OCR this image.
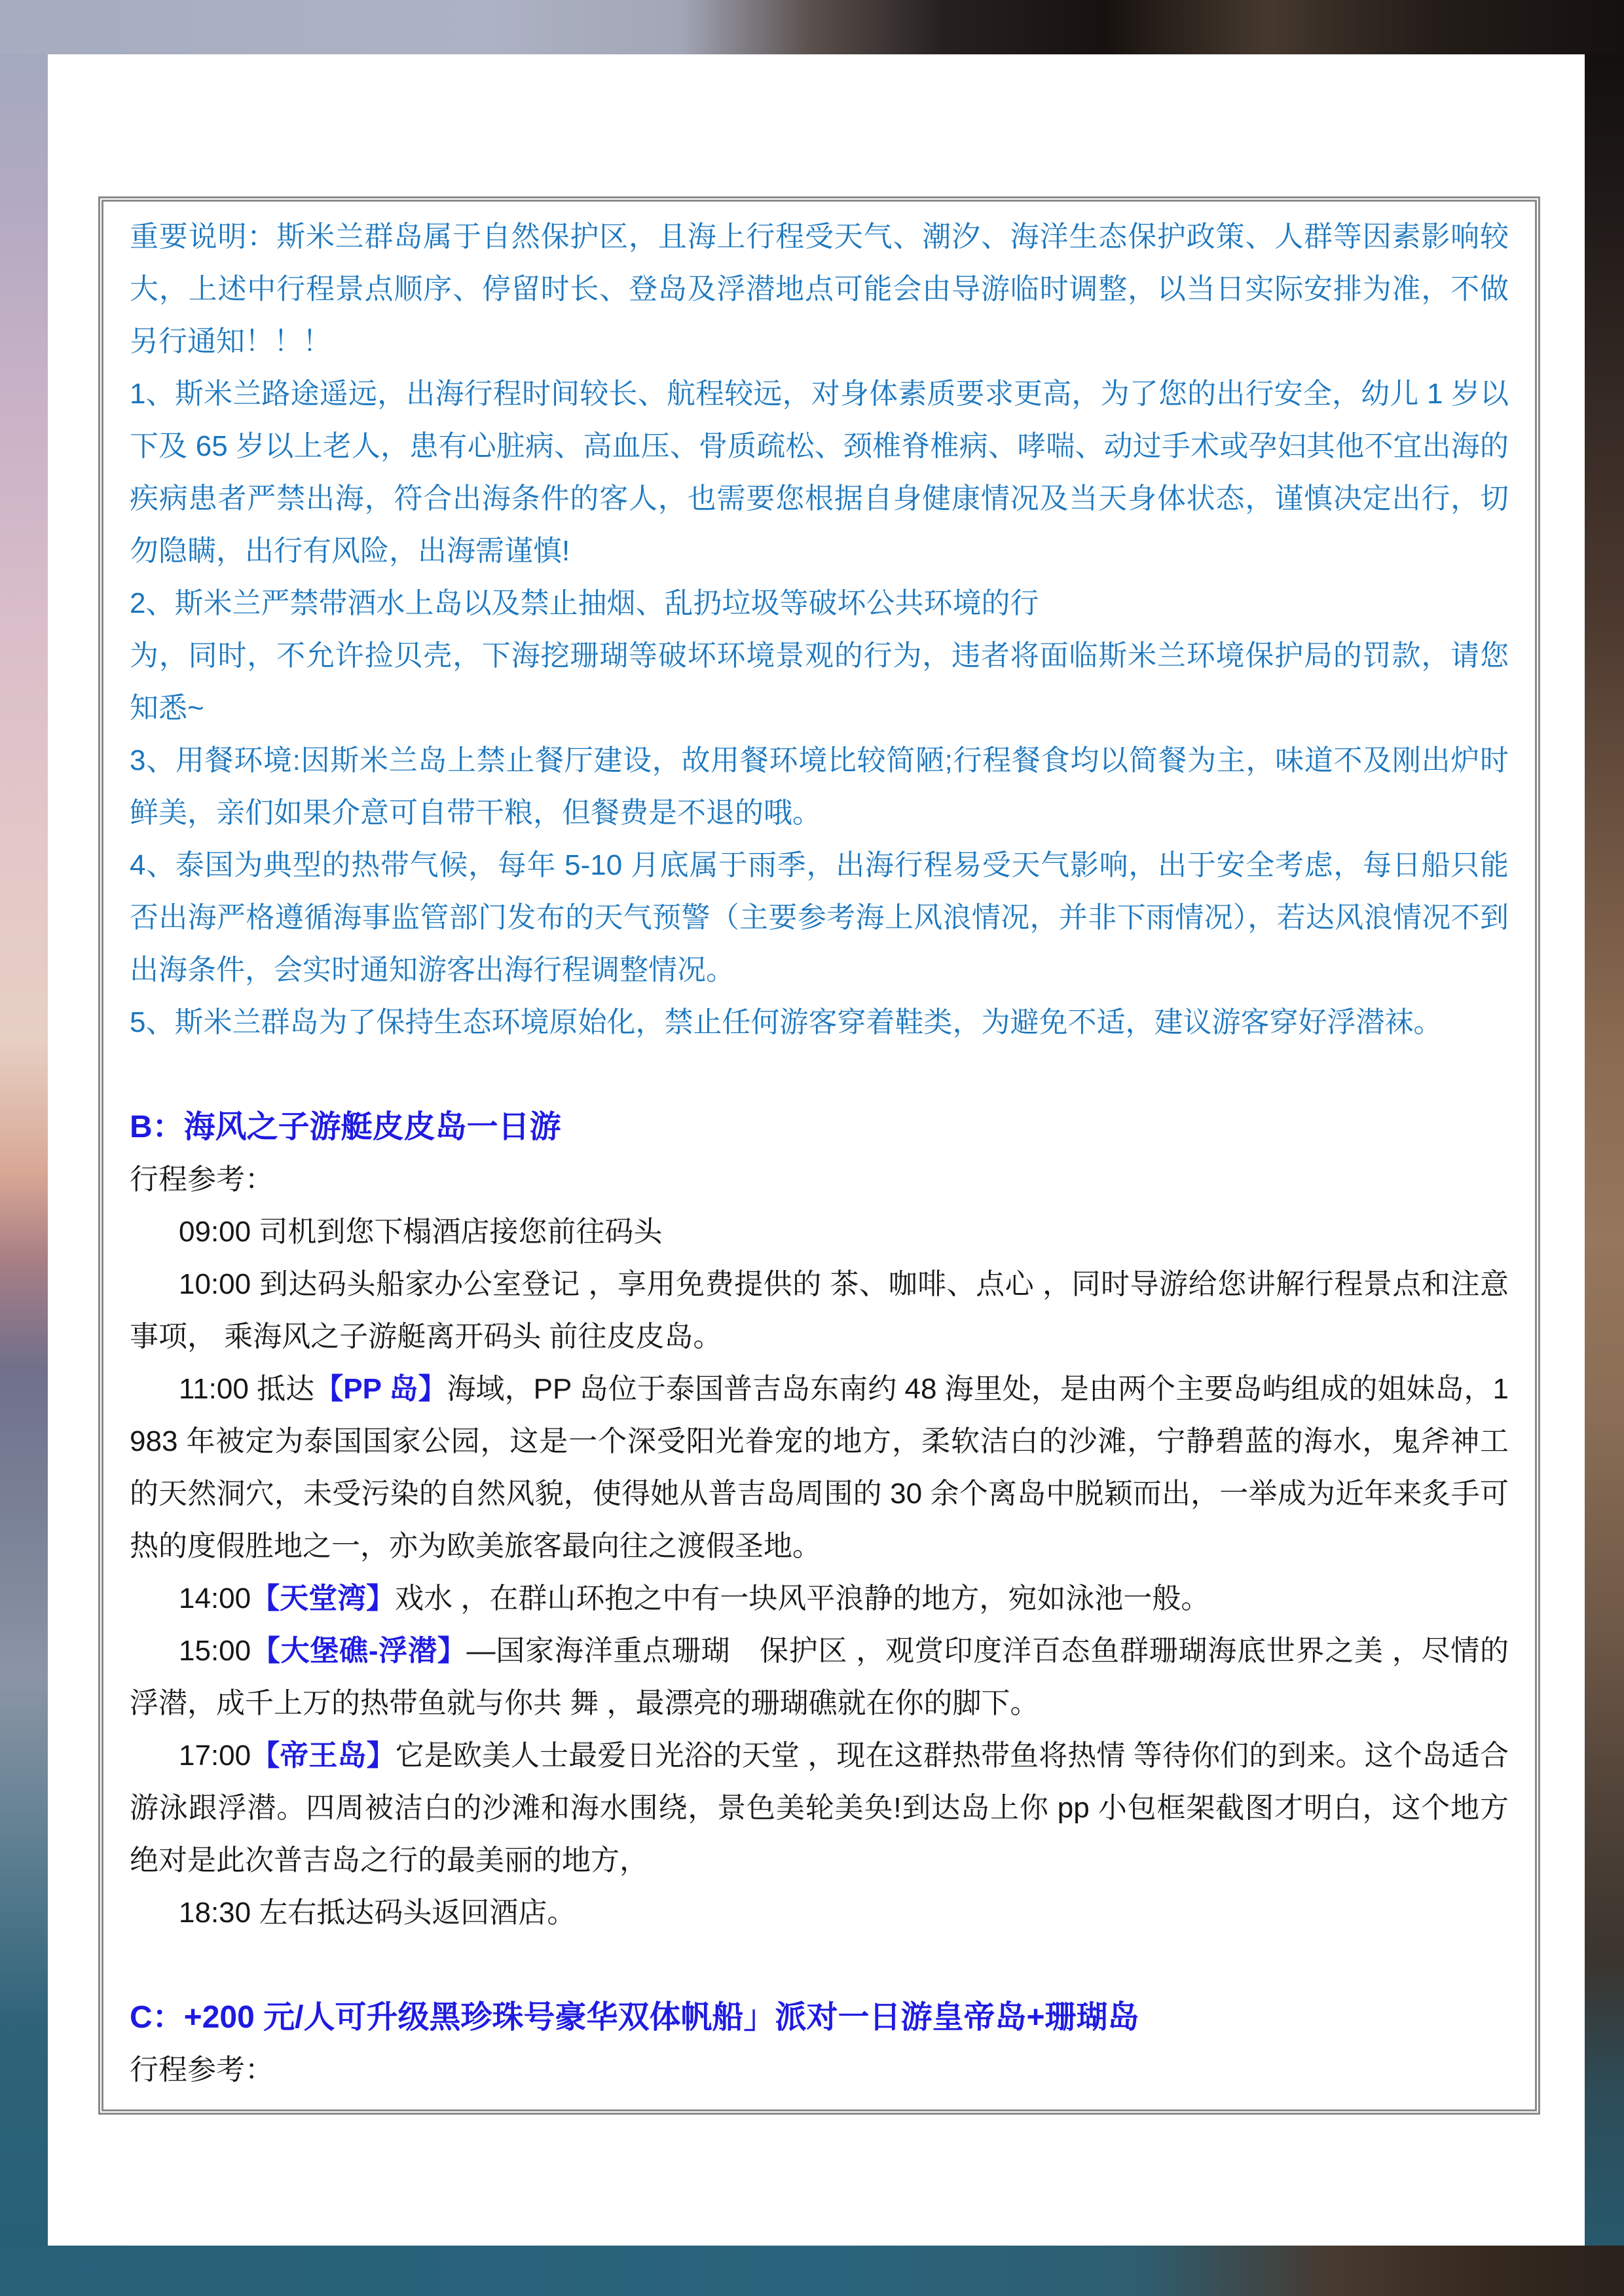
重要说明：斯米兰群岛属于自然保护区，且海上行程受天气、潮汐、海洋生态保护政策、人群等因素影响较大，上述中行程景点顺序、停留时长、登岛及浮潜地点可能会由导游临时调整，以当日实际安排为准，不做另行通知！！！

1、斯米兰路途遥远，出海行程时间较长、航程较远，对身体素质要求更高，为了您的出行安全，幼儿 1 岁以下及 65 岁以上老人，患有心脏病、高血压、骨质疏松、颈椎脊椎病、哮喘、动过手术或孕妇其他不宜出海的疾病患者严禁出海，符合出海条件的客人，也需要您根据自身健康情况及当天身体状态，谨慎决定出行，切勿隐瞒，出行有风险，出海需谨慎!

2、斯米兰严禁带酒水上岛以及禁止抽烟、乱扔垃圾等破坏公共环境的行

为，同时，不允许捡贝壳，下海挖珊瑚等破坏环境景观的行为，违者将面临斯米兰环境保护局的罚款，请您知悉~

3、用餐环境:因斯米兰岛上禁止餐厅建设，故用餐环境比较简陋;行程餐食均以简餐为主，味道不及刚出炉时鲜美，亲们如果介意可自带干粮，但餐费是不退的哦。

4、泰国为典型的热带气候，每年 5-10 月底属于雨季，出海行程易受天气影响，出于安全考虑，每日船只能否出海严格遵循海事监管部门发布的天气预警（主要参考海上风浪情况，并非下雨情况），若达风浪情况不到出海条件，会实时通知游客出海行程调整情况。

5、斯米兰群岛为了保持生态环境原始化，禁止任何游客穿着鞋类，为避免不适，建议游客穿好浮潜袜。

B：海风之子游艇皮皮岛一日游

行程参考：

09:00 司机到您下榻酒店接您前往码头

10:00 到达码头船家办公室登记 ，享用免费提供的 茶、咖啡、点心 ，同时导游给您讲解行程景点和注意事项， 乘海风之子游艇离开码头 前往皮皮岛。

11:00 抵达【PP 岛】海域，PP 岛位于泰国普吉岛东南约 48 海里处，是由两个主要岛屿组成的姐妹岛，1983 年被定为泰国国家公园，这是一个深受阳光眷宠的地方，柔软洁白的沙滩，宁静碧蓝的海水，鬼斧神工的天然洞穴，未受污染的自然风貌，使得她从普吉岛周围的 30 余个离岛中脱颖而出，一举成为近年来炙手可热的度假胜地之一，亦为欧美旅客最向往之渡假圣地。

14:00【天堂湾】戏水 ，在群山环抱之中有一块风平浪静的地方，宛如泳池一般。

15:00【大堡礁-浮潜】—国家海洋重点珊瑚　保护区 ，观赏印度洋百态鱼群珊瑚海底世界之美 ，尽情的浮潜，成千上万的热带鱼就与你共 舞 ，最漂亮的珊瑚礁就在你的脚下。

17:00【帝王岛】它是欧美人士最爱日光浴的天堂 ，现在这群热带鱼将热情 等待你们的到来。这个岛适合游泳跟浮潜。四周被洁白的沙滩和海水围绕，景色美轮美奂!到达岛上你 pp 小包框架截图才明白，这个地方绝对是此次普吉岛之行的最美丽的地方，

18:30 左右抵达码头返回酒店。

C：+200 元/人可升级黑珍珠号豪华双体帆船」派对一日游皇帝岛+珊瑚岛

行程参考：
